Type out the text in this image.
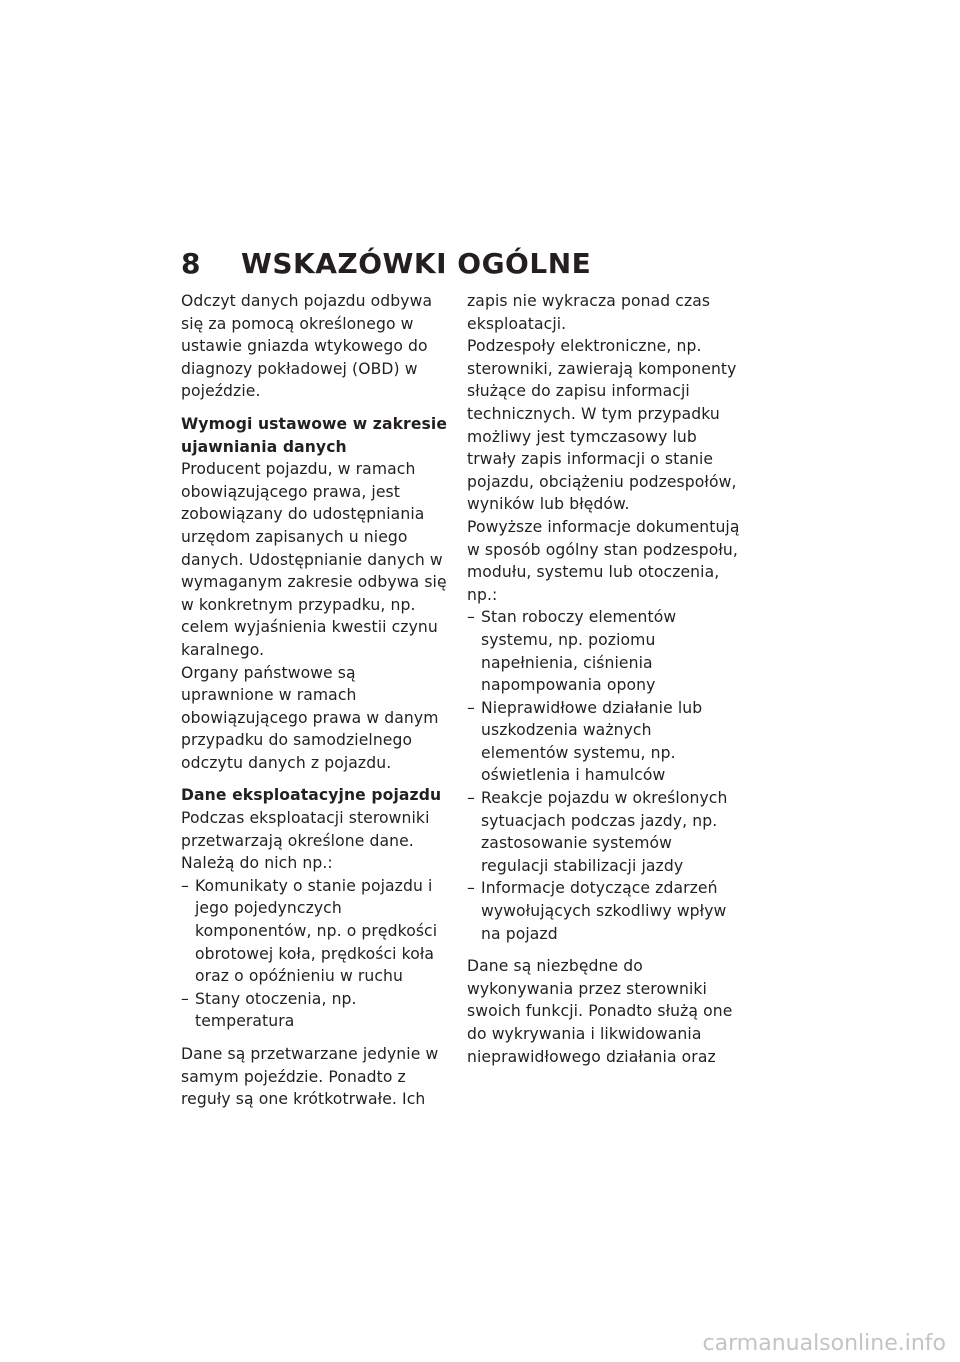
8 WSKAZÓWKI OGÓLNE

Odczyt danych pojazdu odbywa się za pomocą określonego w ustawie gniazda wtykowego do diagnozy pokładowej (OBD) w pojeździe.

Wymogi ustawowe w zakresie ujawniania danych

Producent pojazdu, w ramach obowiązującego prawa, jest zobowiązany do udostępniania urzędom zapisanych u niego danych. Udostępnianie danych w wymaganym zakresie odbywa się w konkretnym przypadku, np. celem wyjaśnienia kwestii czynu karalnego.

Organy państwowe są uprawnione w ramach obowiązującego prawa w danym przypadku do samodzielnego odczytu danych z pojazdu.

Dane eksploatacyjne pojazdu

Podczas eksploatacji sterowniki przetwarzają określone dane.

Należą do nich np.:

– Komunikaty o stanie pojazdu i jego pojedynczych komponentów, np. o prędkości obrotowej koła, prędkości koła oraz o opóźnieniu w ruchu
– Stany otoczenia, np. temperatura

Dane są przetwarzane jedynie w samym pojeździe. Ponadto z reguły są one krótkotrwałe. Ich

zapis nie wykracza ponad czas eksploatacji.

Podzespoły elektroniczne, np. sterowniki, zawierają komponenty służące do zapisu informacji technicznych. W tym przypadku możliwy jest tymczasowy lub trwały zapis informacji o stanie pojazdu, obciążeniu podzespołów, wyników lub błędów.

Powyższe informacje dokumentują w sposób ogólny stan podzespołu, modułu, systemu lub otoczenia, np.:

– Stan roboczy elementów systemu, np. poziomu napełnienia, ciśnienia napompowania opony
– Nieprawidłowe działanie lub uszkodzenia ważnych elementów systemu, np. oświetlenia i hamulców
– Reakcje pojazdu w określonych sytuacjach podczas jazdy, np. zastosowanie systemów regulacji stabilizacji jazdy
– Informacje dotyczące zdarzeń wywołujących szkodliwy wpływ na pojazd

Dane są niezbędne do wykonywania przez sterowniki swoich funkcji. Ponadto służą one do wykrywania i likwidowania nieprawidłowego działania oraz

carmanualsonline.info
